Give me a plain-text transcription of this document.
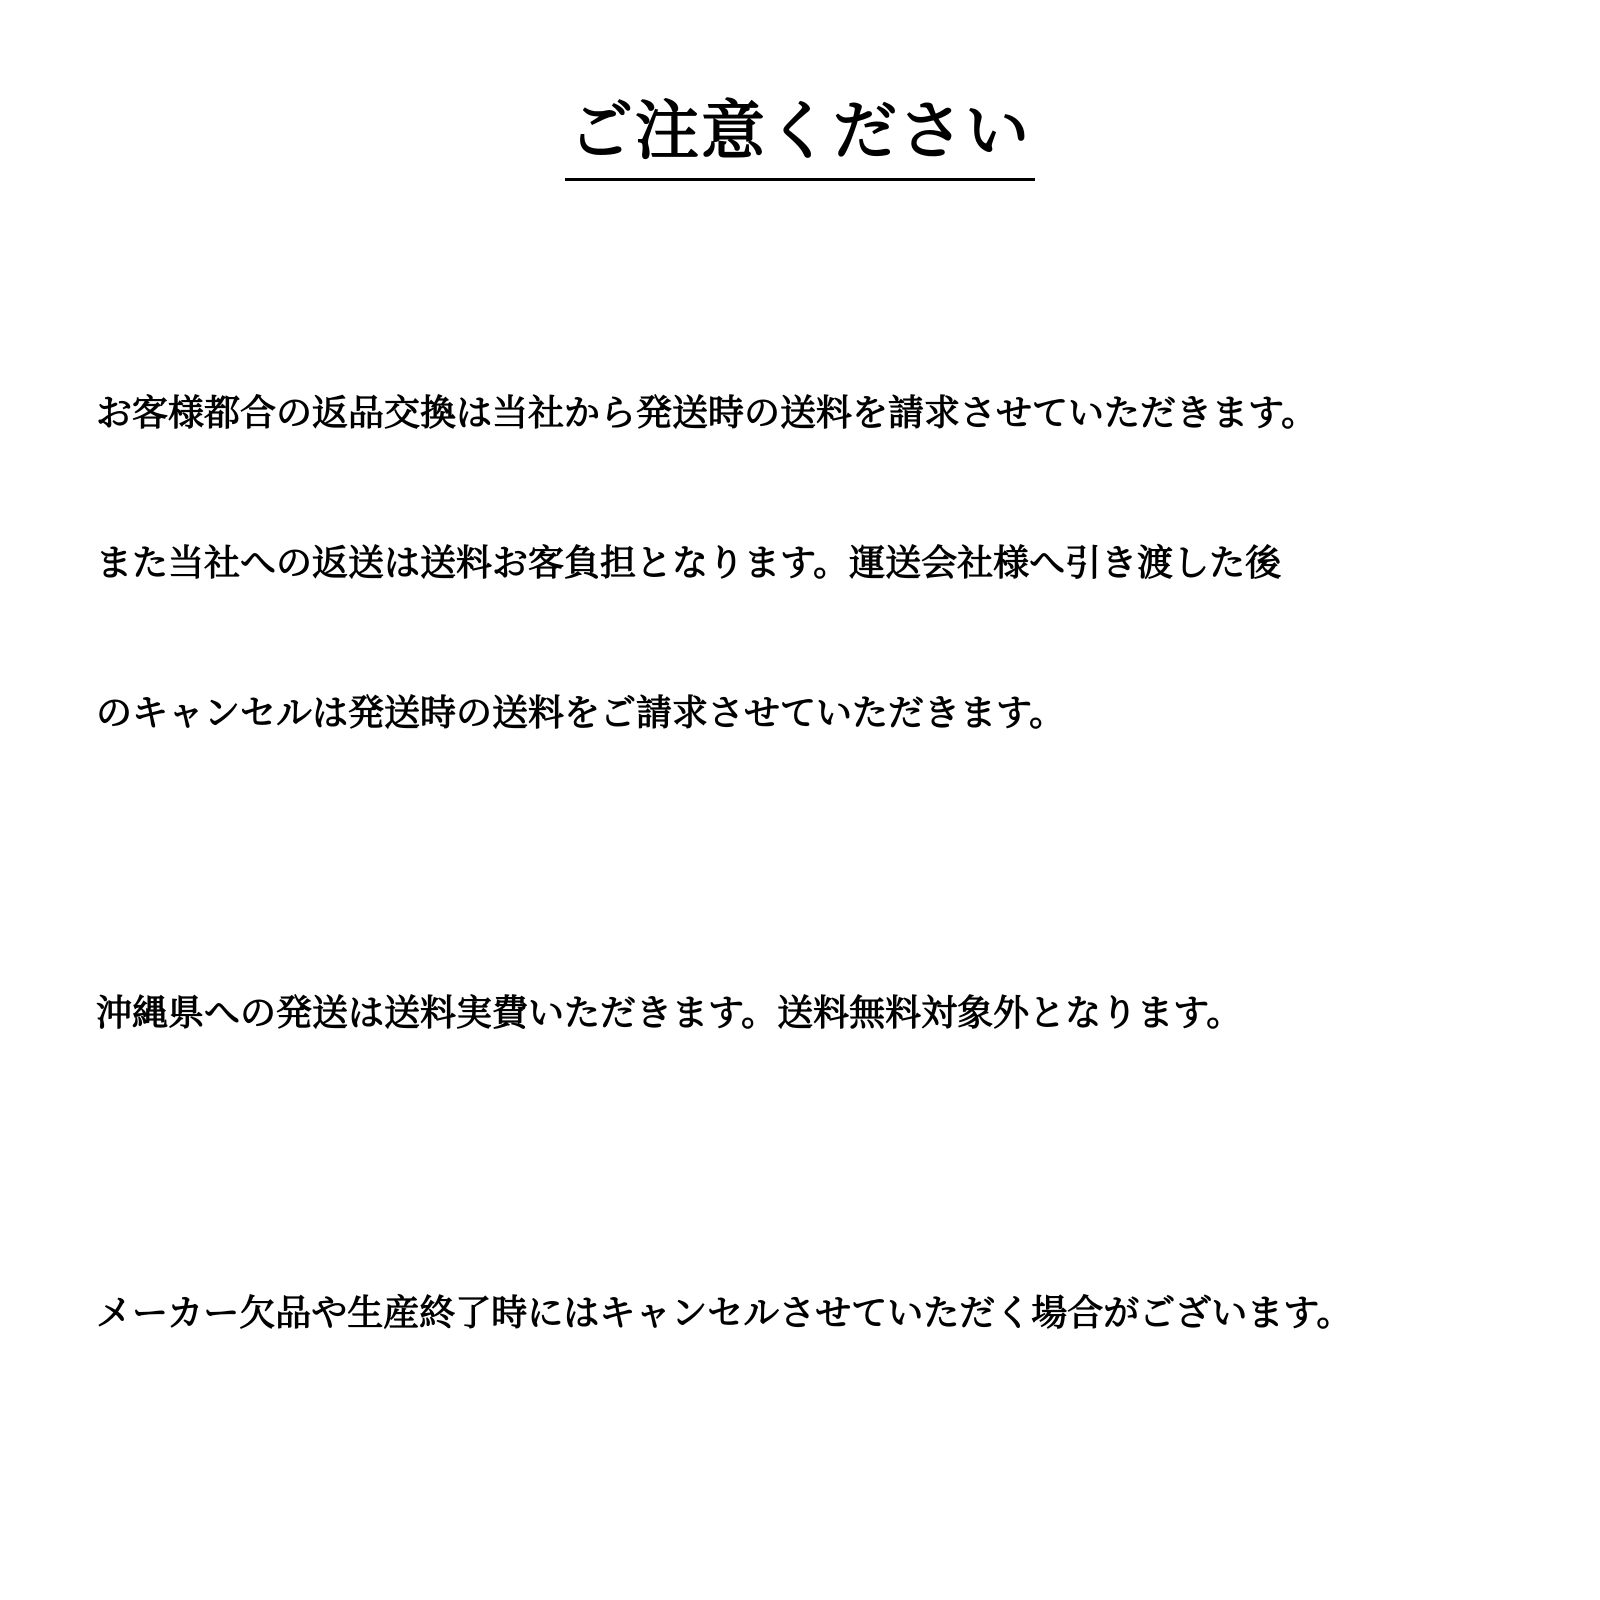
ご注意ください
お客様都合の返品交換は当社から発送時の送料を請求させていただきます。
また当社への返送は送料お客負担となります。運送会社様へ引き渡した後
のキャンセルは発送時の送料をご請求させていただきます。
沖縄県への発送は送料実費いただきます。送料無料対象外となります。
メーカー欠品や生産終了時にはキャンセルさせていただく場合がございます。
